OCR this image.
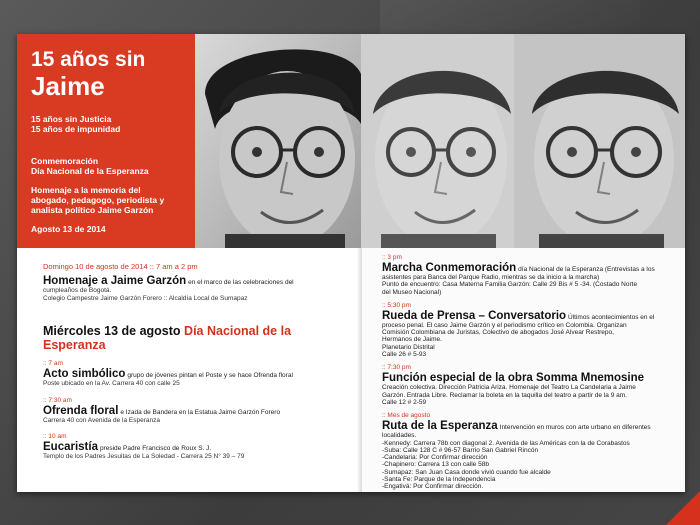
15 años sin
Jaime
15 años sin Justicia
15 años de impunidad
Conmemoración
Día Nacional de la Esperanza
Homenaje a la memoria del
abogado, pedagogo, periodista y
analista político Jaime Garzón
Agosto 13 de 2014
Domingo 10 de agosto de 2014 :: 7 am a 2 pm
Homenaje a Jaime Garzón en el marco de las celebraciones del
cumpleaños de Bogotá.
Colegio Campestre Jaime Garzón Forero :: Alcaldía Local de Sumapaz
Miércoles 13 de agosto Día Nacional de la Esperanza
:: 7 am
Acto simbólico grupo de jóvenes pintan el Poste y se hace Ofrenda floral
Poste ubicado en la Av. Carrera 40 con calle 25
:: 7:30 am
Ofrenda floral e Izada de Bandera en la Estatua Jaime Garzón Forero
Carrera 40 con Avenida de la Esperanza
:: 10 am
Eucaristía preside Padre Francisco de Roux S. J.
Templo de los Padres Jesuitas de La Soledad - Carrera 25 N° 39 – 79
:: 3 pm
Marcha Conmemoración día Nacional de la Esperanza (Entrevistas a los
asistentes para Banca del Parque Radio, mientras se da inicio a la marcha)
Punto de encuentro: Casa Materna Familia Garzón: Calle 29 Bis # 5 -34. (Costado Norte
del Museo Nacional)
:: 5:30 pm
Rueda de Prensa – Conversatorio Últimos acontecimientos en el
proceso penal. El caso Jaime Garzón y el periodismo crítico en Colombia. Organizan
Comisión Colombiana de Juristas, Colectivo de abogados José Alvear Restrepo,
Hermanos de Jaime.
Planetario Distrital
Calle 26 # 5-93
:: 7:30 pm
Función especial de la obra Somma Mnemosine
Creación colectiva. Dirección Patricia Ariza. Homenaje del Teatro La Candelaria a Jaime
Garzón. Entrada Libre. Reclamar la boleta en la taquilla del teatro a partir de la 9 am.
Calle 12 # 2-59
:: Mes de agosto
Ruta de la Esperanza Intervención en muros con arte urbano en diferentes
localidades.
-Kennedy: Carrera 78b con diagonal 2. Avenida de las Américas con la de Corabastos
-Suba: Calle 128 C # 96-57 Barrio San Gabriel Rincón
-Candelaria: Por Confirmar dirección
-Chapinero: Carrera 13 con calle 58b
-Sumapaz: San Juan Casa donde vivió cuando fue alcalde
-Santa Fe: Parque de la Independencia
-Engativá: Por Confirmar dirección.
